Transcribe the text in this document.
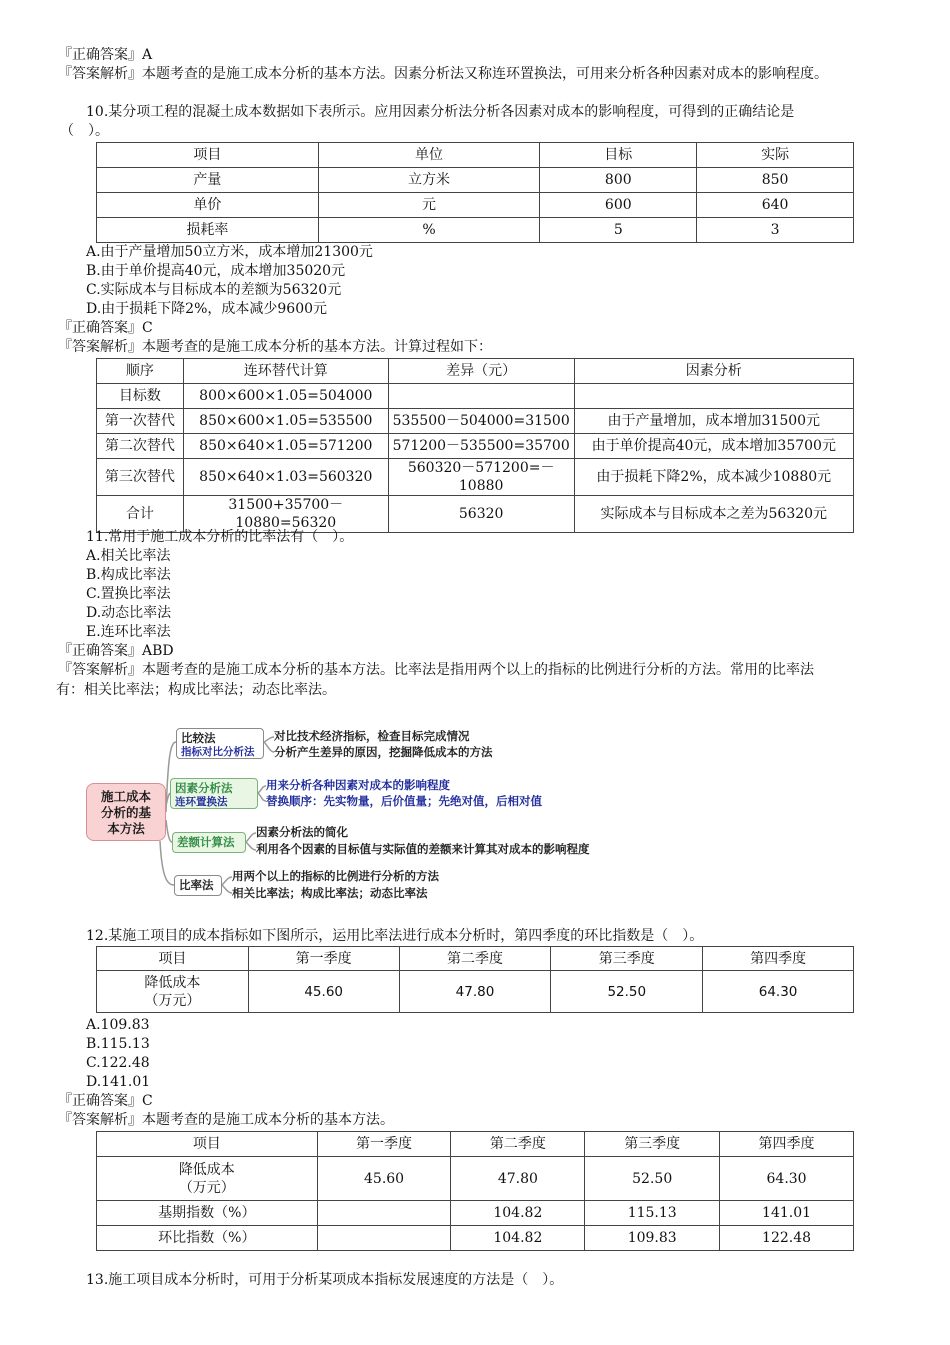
『正确答案』A
『答案解析』本题考查的是施工成本分析的基本方法。因素分析法又称连环置换法，可用来分析各种因素对成本的影响程度。
10.某分项工程的混凝土成本数据如下表所示。应用因素分析法分析各因素对成本的影响程度，可得到的正确结论是
（　）。
项目	单位	目标	实际
产量	立方米	800	850
单价	元	600	640
损耗率	%	5	3
A.由于产量增加50立方米，成本增加21300元
B.由于单价提高40元，成本增加35020元
C.实际成本与目标成本的差额为56320元
D.由于损耗下降2%，成本减少9600元
『正确答案』C
『答案解析』本题考查的是施工成本分析的基本方法。计算过程如下：
顺序	连环替代计算	差异（元）	因素分析
目标数	800×600×1.05=504000		
第一次替代	850×600×1.05=535500	535500－504000=31500	由于产量增加，成本增加31500元
第二次替代	850×640×1.05=571200	571200－535500=35700	由于单价提高40元，成本增加35700元
第三次替代	850×640×1.03=560320	560320－571200=－10880	由于损耗下降2%，成本减少10880元
合计	31500+35700－10880=56320	56320	实际成本与目标成本之差为56320元
11.常用于施工成本分析的比率法有（　）。
A.相关比率法
B.构成比率法
C.置换比率法
D.动态比率法
E.连环比率法
『正确答案』ABD
『答案解析』本题考查的是施工成本分析的基本方法。比率法是指用两个以上的指标的比例进行分析的方法。常用的比率法
有：相关比率法；构成比率法；动态比率法。
施工成本
分析的基
本方法
比较法
指标对比分析法
对比技术经济指标，检查目标完成情况
分析产生差异的原因，挖掘降低成本的方法
因素分析法
连环置换法
用来分析各种因素对成本的影响程度
替换顺序：先实物量，后价值量；先绝对值，后相对值
差额计算法
因素分析法的简化
利用各个因素的目标值与实际值的差额来计算其对成本的影响程度
比率法
用两个以上的指标的比例进行分析的方法
相关比率法；构成比率法；动态比率法
12.某施工项目的成本指标如下图所示，运用比率法进行成本分析时，第四季度的环比指数是（　）。
项目	第一季度	第二季度	第三季度	第四季度

降低成本
（万元）	45.60	47.80	52.50	64.30
A.109.83
B.115.13
C.122.48
D.141.01
『正确答案』C
『答案解析』本题考查的是施工成本分析的基本方法。
项目	第一季度	第二季度	第三季度	第四季度

降低成本
（万元）	45.60	47.80	52.50	64.30
基期指数（%）		104.82	115.13	141.01
环比指数（%）		104.82	109.83	122.48
13.施工项目成本分析时，可用于分析某项成本指标发展速度的方法是（　）。
